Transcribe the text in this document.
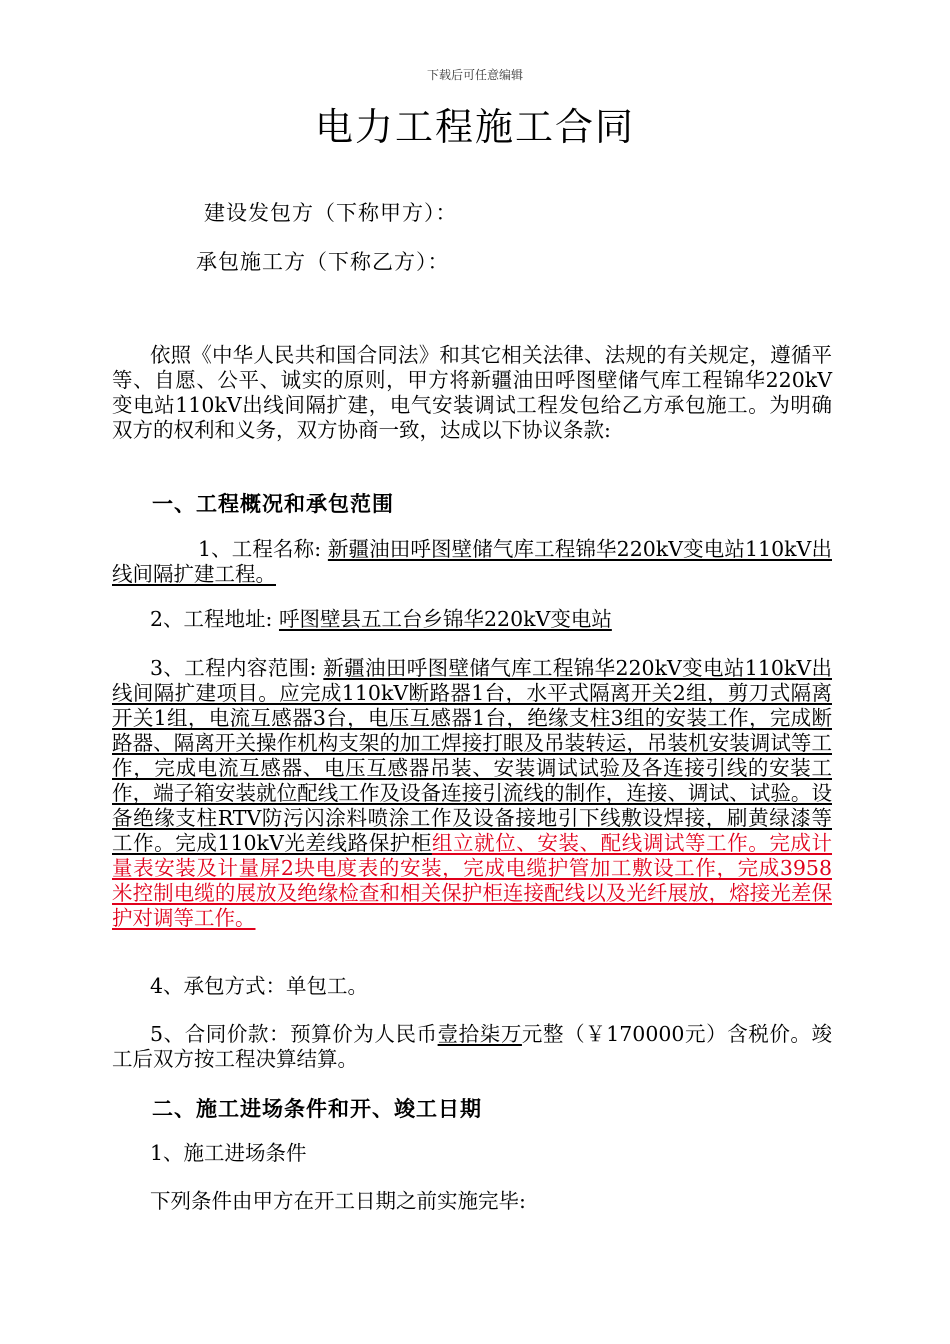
下载后可任意编辑
电力工程施工合同
建设发包方（下称甲方）：
承包施工方（下称乙方）：

依照《中华人民共和国合同法》和其它相关法律、法规的有关规定，遵循平等、自愿、公平、诚实的原则，甲方将新疆油田呼图壁储气库工程锦华220kV变电站110kV出线间隔扩建，电气安装调试工程发包给乙方承包施工。为明确双方的权利和义务，双方协商一致，达成以下协议条款:

一、工程概况和承包范围

1、工程名称: 新疆油田呼图壁储气库工程锦华220kV变电站110kV出线间隔扩建工程。

2、工程地址: 呼图壁县五工台乡锦华220kV变电站

3、工程内容范围: 新疆油田呼图壁储气库工程锦华220kV变电站110kV出线间隔扩建项目。应完成110kV断路器1台，水平式隔离开关2组，剪刀式隔离开关1组，电流互感器3台，电压互感器1台，绝缘支柱3组的安装工作，完成断路器、隔离开关操作机构支架的加工焊接打眼及吊装转运，吊装机安装调试等工作，完成电流互感器、电压互感器吊装、安装调试试验及各连接引线的安装工作，端子箱安装就位配线工作及设备连接引流线的制作，连接、调试、试验。设备绝缘支柱RTV防污闪涂料喷涂工作及设备接地引下线敷设焊接，刷黄绿漆等工作。完成110kV光差线路保护柜组立就位、安装、配线调试等工作。完成计量表安装及计量屏2块电度表的安装，完成电缆护管加工敷设工作，完成3958米控制电缆的展放及绝缘检查和相关保护柜连接配线以及光纤展放，熔接光差保护对调等工作。

4、承包方式：单包工。

5、合同价款：预算价为人民币壹拾柒万元整（￥170000元）含税价。竣工后双方按工程决算结算。

二、施工进场条件和开、竣工日期

1、施工进场条件

下列条件由甲方在开工日期之前实施完毕:
